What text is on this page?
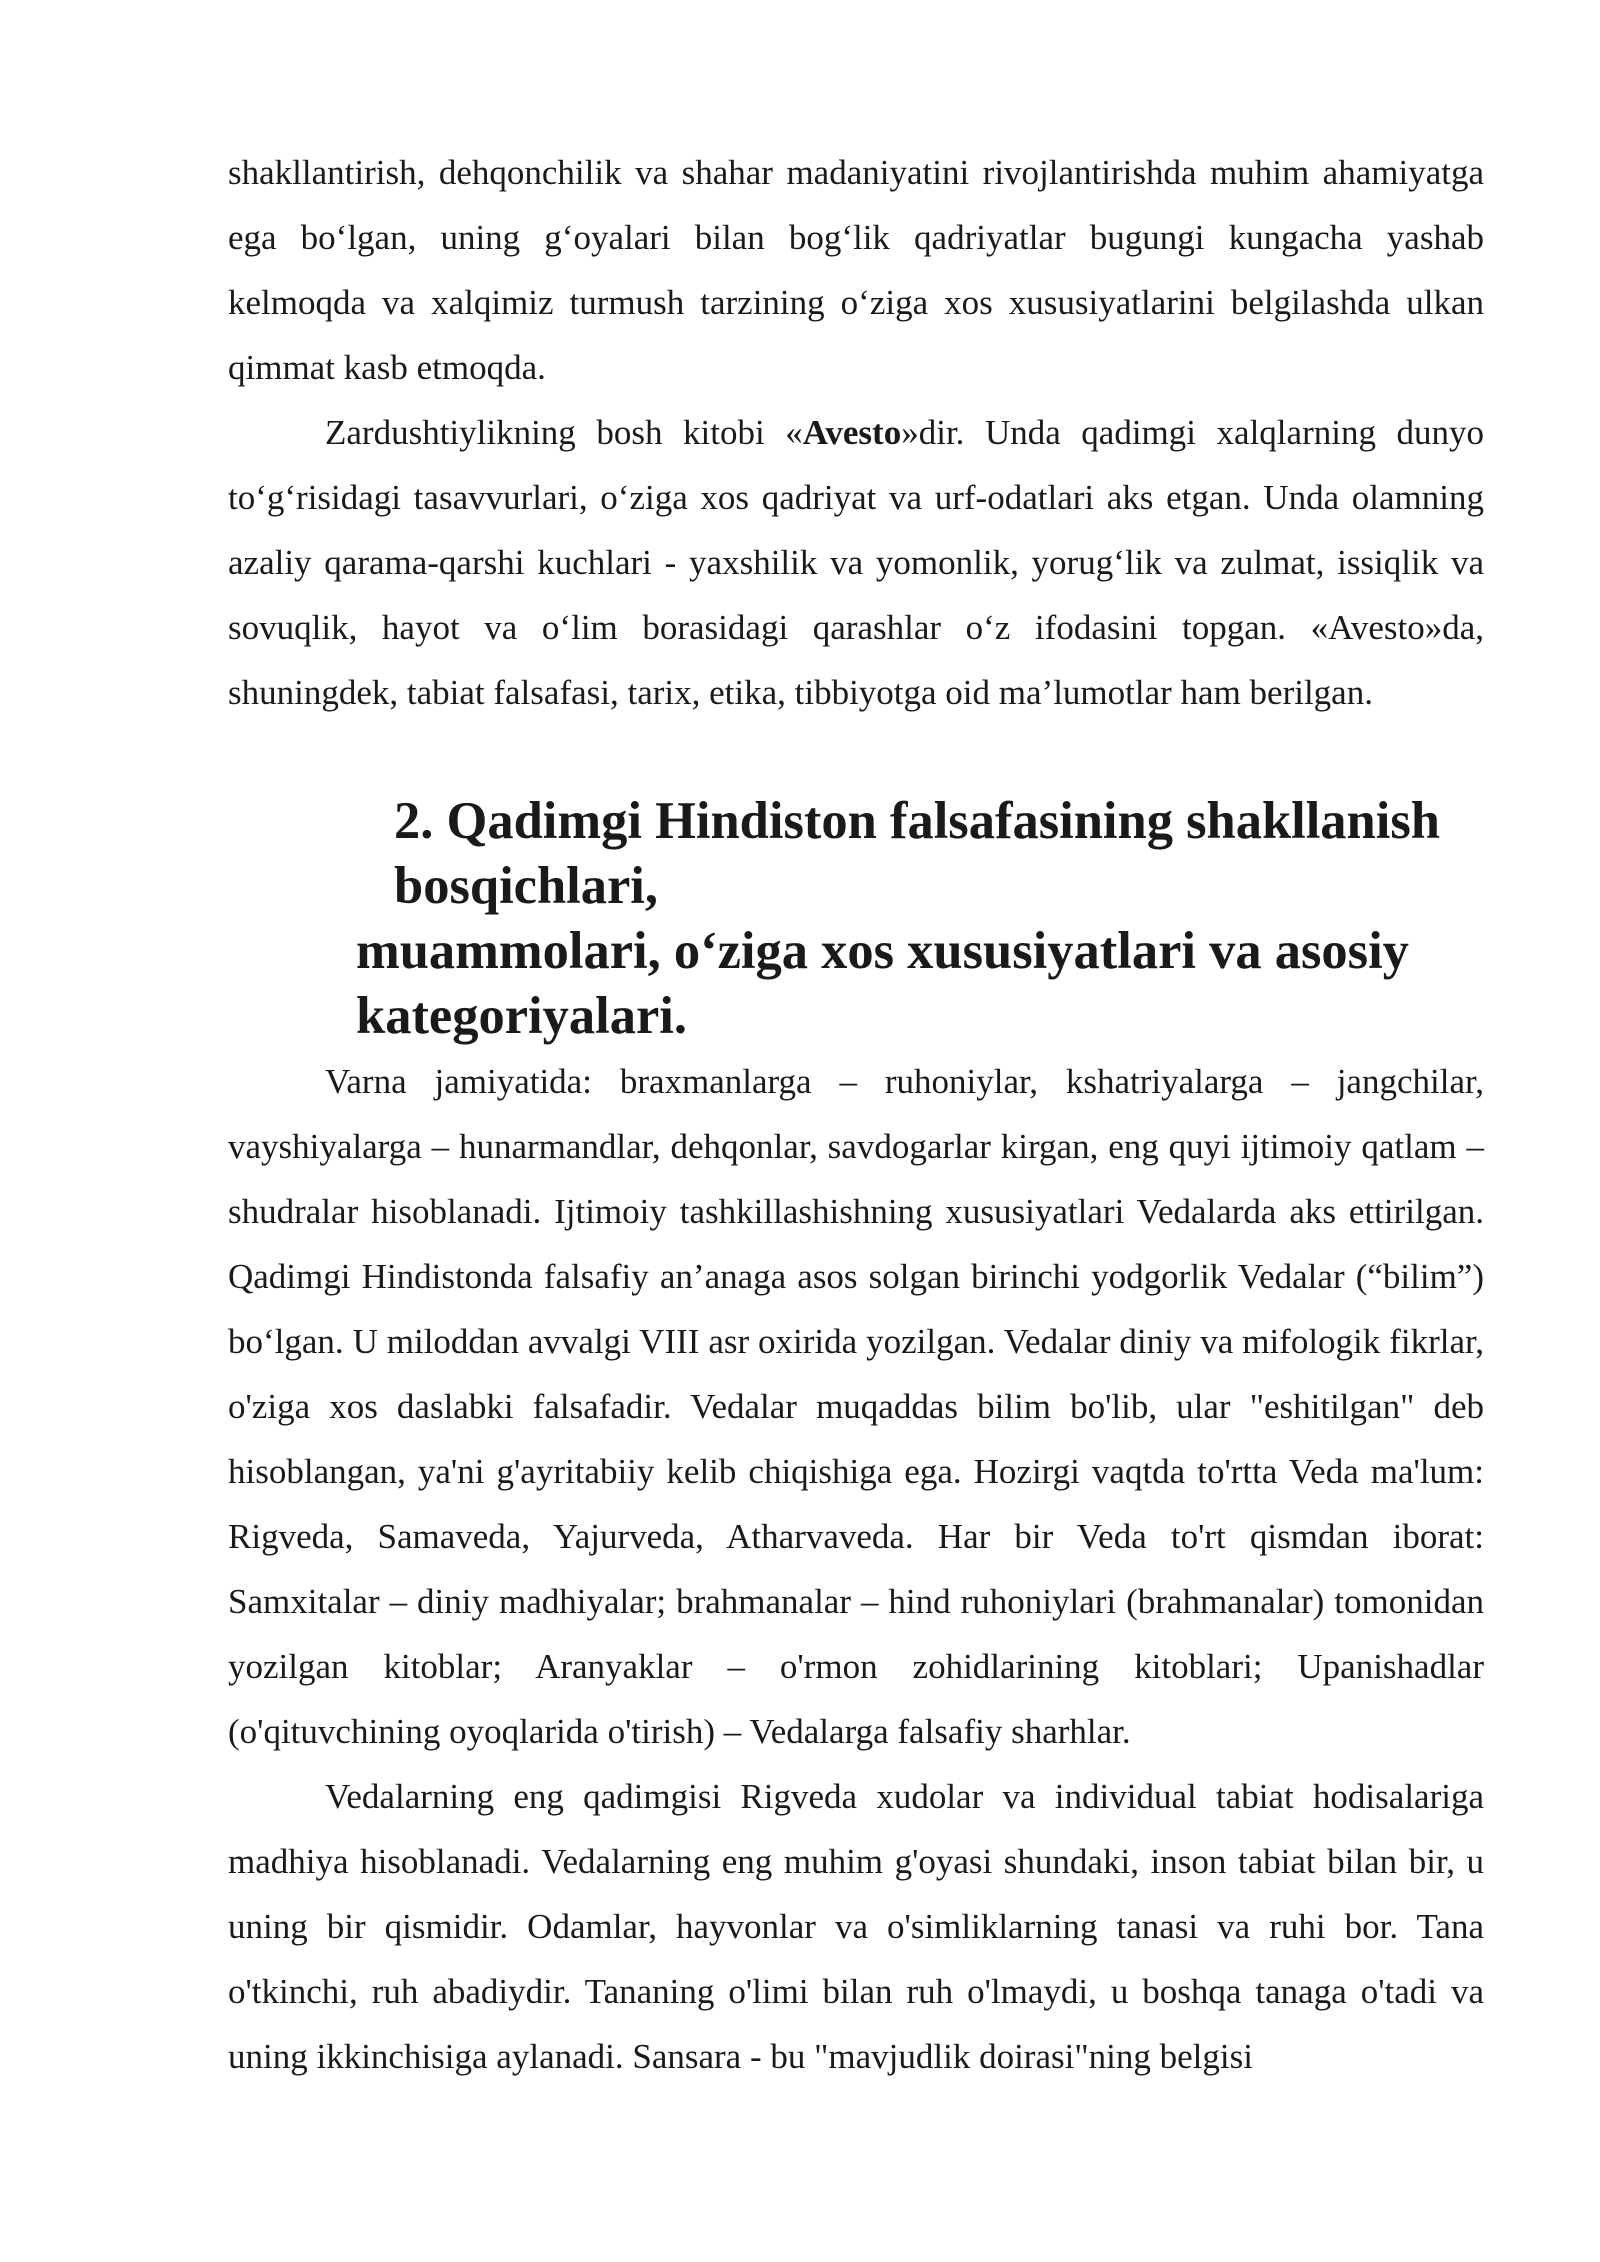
shakllantirish, dehqonchilik va shahar madaniyatini rivojlantirishda muhim ahamiyatga ega bo‘lgan, uning g‘oyalari bilan bog‘lik qadriyatlar bugungi kungacha yashab kelmoqda va xalqimiz turmush tarzining o‘ziga xos xususiyatlarini belgilashda ulkan qimmat kasb etmoqda.

Zardushtiylikning bosh kitobi «Avesto»dir. Unda qadimgi xalqlarning dunyo to‘g‘risidagi tasavvurlari, o‘ziga xos qadriyat va urf-odatlari aks etgan. Unda olamning azaliy qarama-qarshi kuchlari - yaxshilik va yomonlik, yorug‘lik va zulmat, issiqlik va sovuqlik, hayot va o‘lim borasidagi qarashlar o‘z ifodasini topgan. «Avesto»da, shuningdek, tabiat falsafasi, tarix, etika, tibbiyotga oid ma’lumotlar ham berilgan.

2. Qadimgi Hindiston falsafasining shakllanish bosqichlari,
muammolari, o‘ziga xos xususiyatlari va asosiy kategoriyalari.

Varna jamiyatida: braxmanlarga – ruhoniylar, kshatriyalarga – jangchilar, vayshiyalarga – hunarmandlar, dehqonlar, savdogarlar kirgan, eng quyi ijtimoiy qatlam – shudralar hisoblanadi. Ijtimoiy tashkillashishning xususiyatlari Vedalarda aks ettirilgan. Qadimgi Hindistonda falsafiy an’anaga asos solgan birinchi yodgorlik Vedalar (“bilim”) bo‘lgan. U miloddan avvalgi VIII asr oxirida yozilgan. Vedalar diniy va mifologik fikrlar, o'ziga xos daslabki falsafadir. Vedalar muqaddas bilim bo'lib, ular "eshitilgan" deb hisoblangan, ya'ni g'ayritabiiy kelib chiqishiga ega. Hozirgi vaqtda to'rtta Veda ma'lum: Rigveda, Samaveda, Yajurveda, Atharvaveda. Har bir Veda to'rt qismdan iborat: Samxitalar – diniy madhiyalar; brahmanalar – hind ruhoniylari (brahmanalar) tomonidan yozilgan kitoblar; Aranyaklar – o'rmon zohidlarining kitoblari; Upanishadlar (o'qituvchining oyoqlarida o'tirish) – Vedalarga falsafiy sharhlar.

Vedalarning eng qadimgisi Rigveda xudolar va individual tabiat hodisalariga madhiya hisoblanadi. Vedalarning eng muhim g'oyasi shundaki, inson tabiat bilan bir, u uning bir qismidir. Odamlar, hayvonlar va o'simliklarning tanasi va ruhi bor. Tana o'tkinchi, ruh abadiydir. Tananing o'limi bilan ruh o'lmaydi, u boshqa tanaga o'tadi va uning ikkinchisiga aylanadi. Sansara - bu "mavjudlik doirasi"ning belgisi
